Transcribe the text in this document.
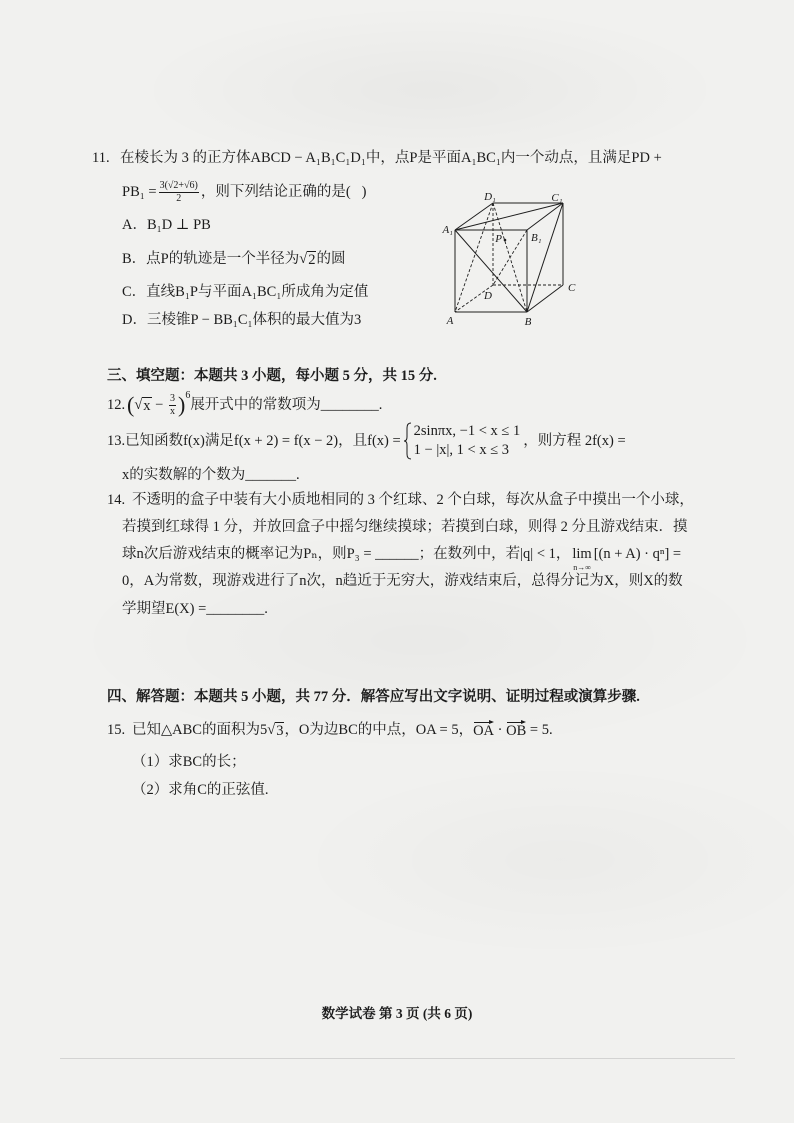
11. 在棱长为 3 的正方体ABCD − A₁B₁C₁D₁中，点P是平面A₁BC₁内一个动点，且满足PD +
$PB_1 = \frac{3(√2+√6)}{2}$ ，则下列结论正确的是(   )
A． B₁D ⊥ PB
B． 点P的轨迹是一个半径为 √ 2 的圆
C． 直线B₁P与平面A₁BC₁所成角为定值
D． 三棱锥P − BB₁C₁体积的最大值为3
D₁	C₁
A₁
B₁
P
D
C
A	B
三、填空题：本题共 3 小题，每小题 5 分，共 15 分.
12. ( √ $x - \frac{3}{x}$ ) 6
展开式中的常数项为________.
13. 已知函数f(x)满足f(x + 2) = f(x − 2)，且f(x) =
2sinπx, −1 < x ≤ 1
1 − |x|, 1 < x ≤ 3
，则方程 2f(x) =
x的实数解的个数为_______.
14. 不透明的盒子中装有大小质地相同的 3 个红球、2 个白球，每次从盒子中摸出一个小球，
若摸到红球得 1 分，并放回盒子中摇匀继续摸球；若摸到白球，则得 2 分且游戏结束．摸
球n次后游戏结束的概率记为Pₙ，则P₃ = ______；在数列中，若|q| < 1， lim
n→∞
[(n + A) · qⁿ] =
0，A为常数，现游戏进行了n次，n趋近于无穷大，游戏结束后，总得分记为X，则X的数
学期望E(X) =________.
四、解答题：本题共 5 小题，共 77 分．解答应写出文字说明、证明过程或演算步骤.
15. 已知△ABC的面积为5 √ 3 ，O为边BC的中点，OA = 5， OA · OB = 5.
（1）求BC的长；
（2）求角C的正弦值.
数学试卷 第 3 页 (共 6 页)
